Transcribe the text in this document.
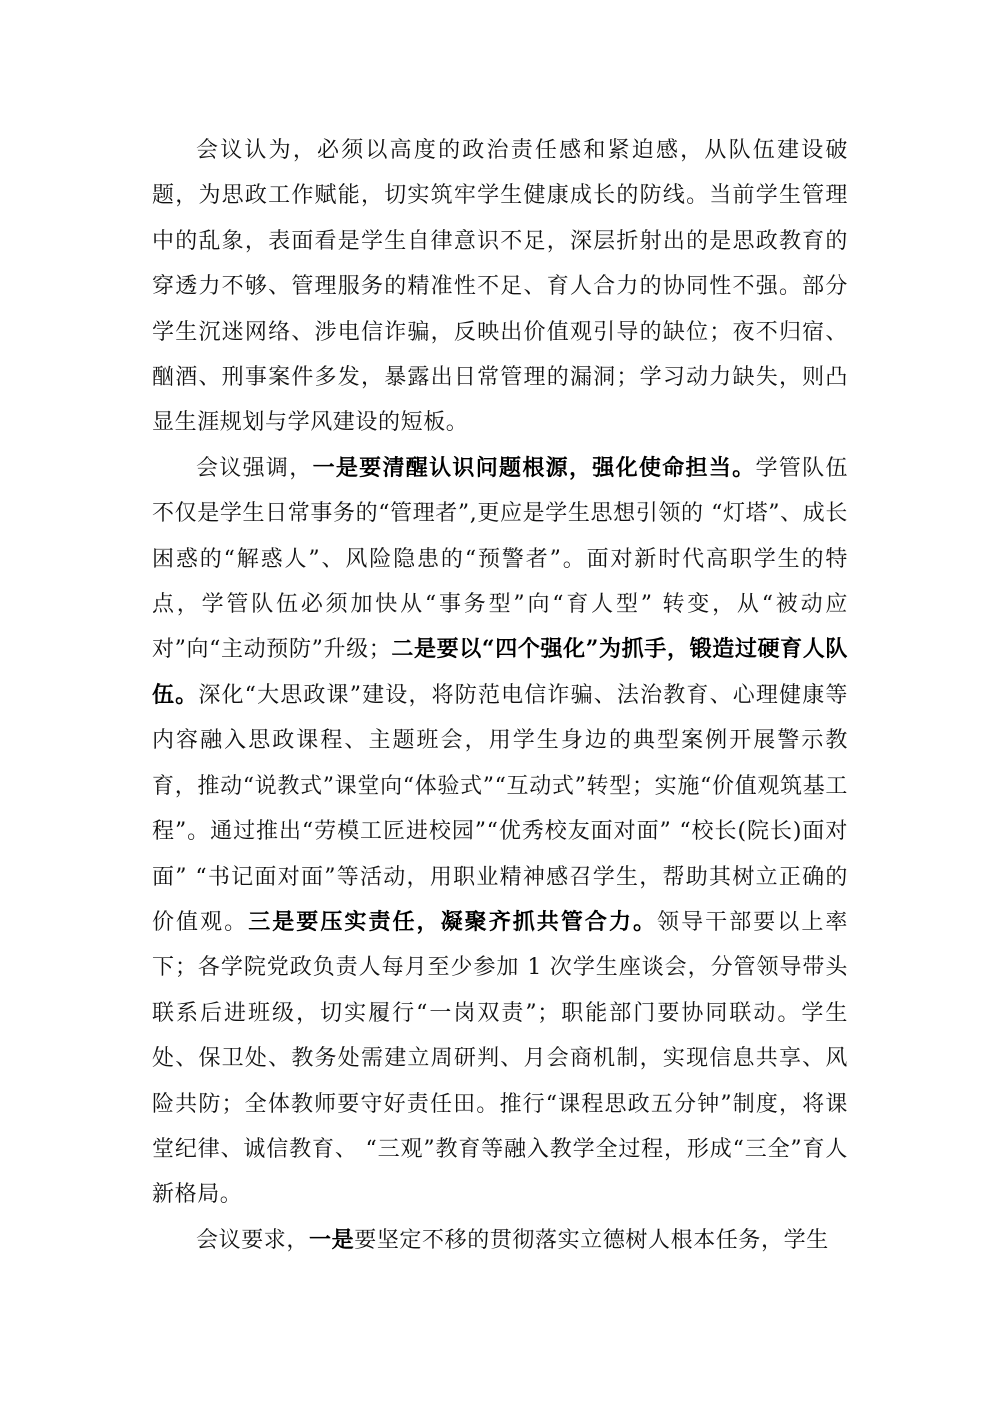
会议认为，必须以高度的政治责任感和紧迫感，从队伍建设破题，为思政工作赋能，切实筑牢学生健康成长的防线。当前学生管理中的乱象，表面看是学生自律意识不足，深层折射出的是思政教育的穿透力不够、管理服务的精准性不足、育人合力的协同性不强。部分学生沉迷网络、涉电信诈骗，反映出价值观引导的缺位；夜不归宿、酗酒、刑事案件多发，暴露出日常管理的漏洞；学习动力缺失，则凸显生涯规划与学风建设的短板。

会议强调，一是要清醒认识问题根源，强化使命担当。学管队伍不仅是学生日常事务的“管理者”,更应是学生思想引领的 “灯塔”、成长困惑的“解惑人”、风险隐患的“预警者”。面对新时代高职学生的特点，学管队伍必须加快从“事务型”向“育人型” 转变，从“被动应对”向“主动预防”升级；二是要以“四个强化”为抓手，锻造过硬育人队伍。深化“大思政课”建设，将防范电信诈骗、法治教育、心理健康等内容融入思政课程、主题班会，用学生身边的典型案例开展警示教育，推动“说教式”课堂向“体验式”“互动式”转型；实施“价值观筑基工程”。通过推出“劳模工匠进校园”“优秀校友面对面” “校长(院长)面对面” “书记面对面”等活动，用职业精神感召学生，帮助其树立正确的价值观。三是要压实责任，凝聚齐抓共管合力。领导干部要以上率下；各学院党政负责人每月至少参加 1 次学生座谈会，分管领导带头联系后进班级，切实履行“一岗双责”；职能部门要协同联动。学生处、保卫处、教务处需建立周研判、月会商机制，实现信息共享、风险共防；全体教师要守好责任田。推行“课程思政五分钟”制度，将课 堂纪律、诚信教育、 “三观”教育等融入教学全过程，形成“三全”育人新格局。

会议要求，一是要坚定不移的贯彻落实立德树人根本任务，学生
